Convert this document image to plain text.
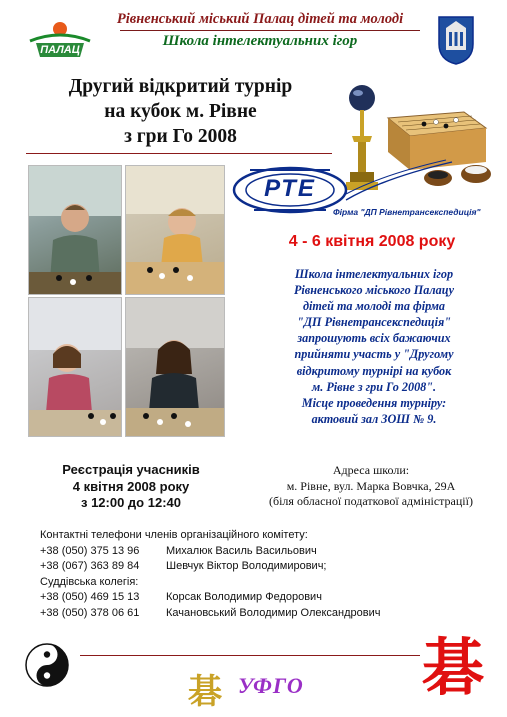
ПАЛАЦ
Рівненський міський Палац дітей та молоді
Школа інтелектуальних ігор
Другий відкритий турнір
на кубок м. Рівне
з гри Го 2008
РТЕ
Фірма "ДП Рівнетрансекспедиція"
4 - 6 квітня 2008 року
Школа інтелектуальних ігор
Рівненського міського Палацу
дітей та молоді та фірма
"ДП Рівнетрансекспедиція"
запрошують всіх бажаючих
прийняти участь у "Другому
відкритому турнірі на кубок
м. Рівне з гри Го 2008".
Місце проведення турніру:
актовий зал ЗОШ № 9.
Реєстрація учасників
4 квітня 2008 року
з 12:00 до 12:40
Адреса школи:
м. Рівне, вул. Марка Вовчка, 29А
(біля обласної податкової адміністрації)
Контактні телефони членів організаційного комітету:
+38 (050) 375 13 96 Михалюк Василь Васильович
+38 (067) 363 89 84 Шевчук Віктор Володимирович;
Суддівська колегія:
+38 (050) 469 15 13 Корсак Володимир Федорович
+38 (050) 378 06 61 Качановський Володимир Олександрович
碁 УФГО 碁
